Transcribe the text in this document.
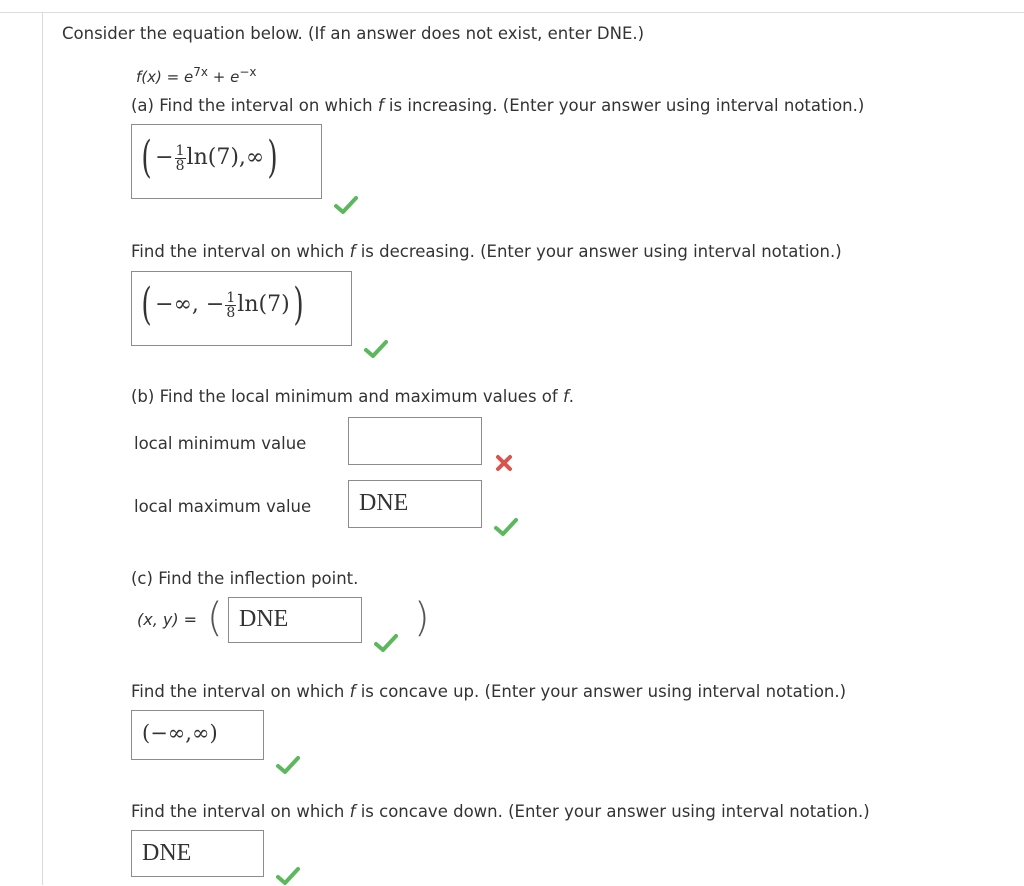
Consider the equation below. (If an answer does not exist, enter DNE.)
$f(x) = e^{7x} + e^{-x}$
(a) Find the interval on which f is increasing. (Enter your answer using interval notation.)
( − $\frac{1}{8} \ln(7),\infty$)
Find the interval on which f is decreasing. (Enter your answer using interval notation.)
( −∞, − $\frac{1}{8} \ln(7)$)
(b) Find the local minimum and maximum values of f.
local minimum value
local maximum value DNE
(c) Find the inflection point.
(x, y) = ( DNE	)
Find the interval on which f is concave up. (Enter your answer using interval notation.)
(−∞,∞)
Find the interval on which f is concave down. (Enter your answer using interval notation.)
DNE
